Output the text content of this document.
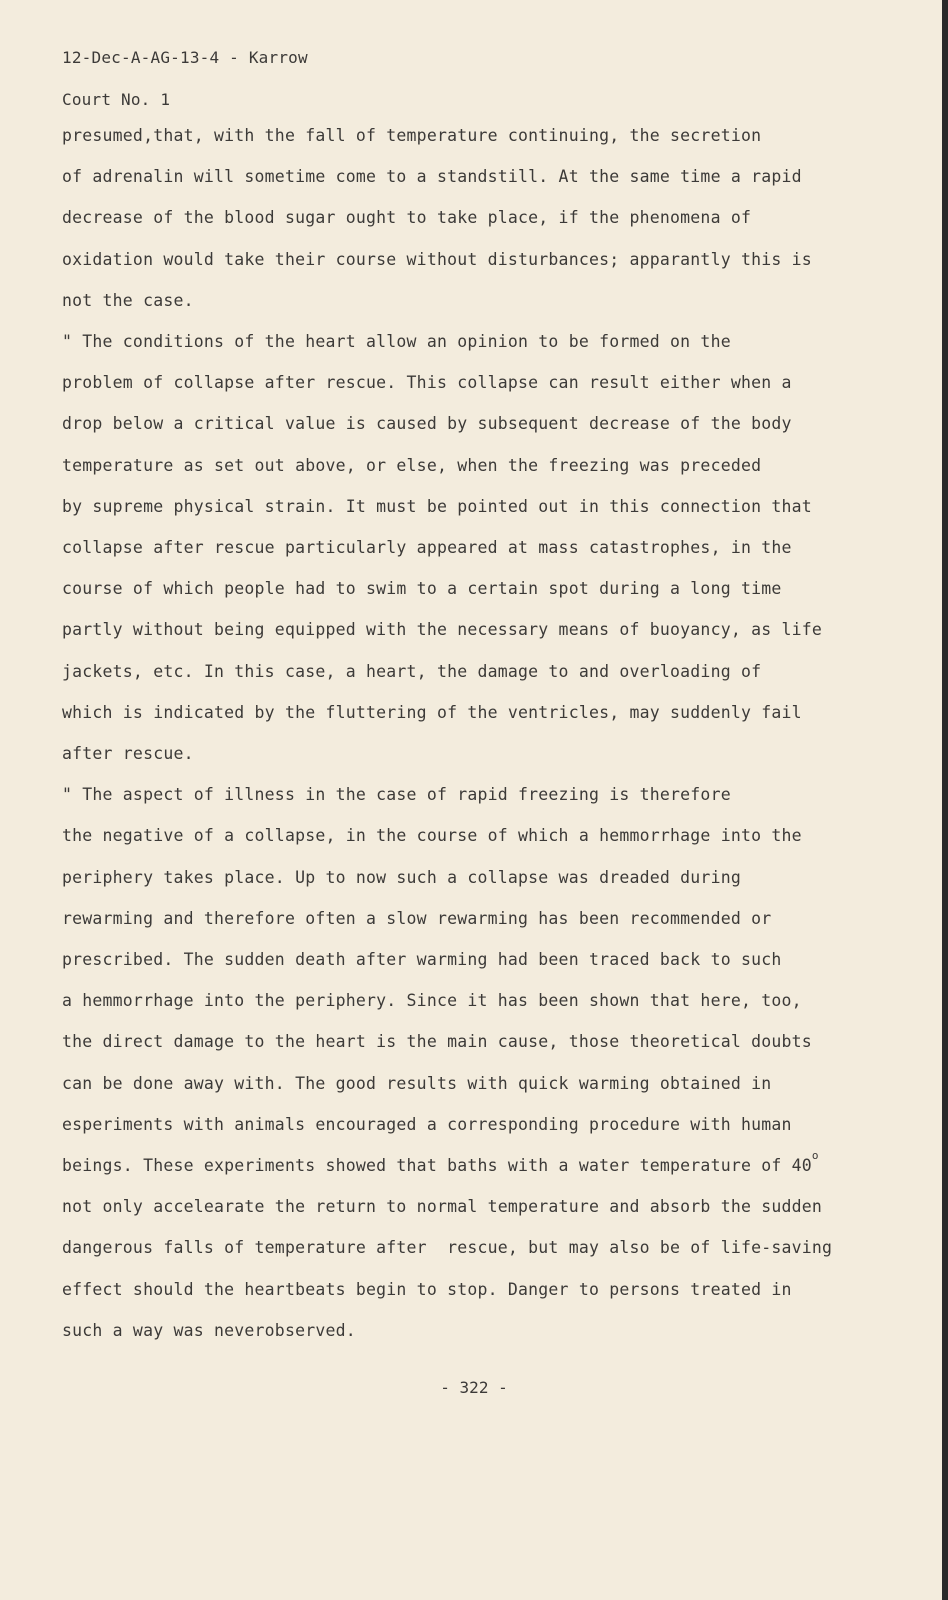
12-Dec-A-AG-13-4 - Karrow
Court No. 1
presumed,that, with the fall of temperature continuing, the secretion
of adrenalin will sometime come to a standstill. At the same time a rapid
decrease of the blood sugar ought to take place, if the phenomena of
oxidation would take their course without disturbances; apparantly this is
not the case.
" The conditions of the heart allow an opinion to be formed on the
problem of collapse after rescue. This collapse can result either when a
drop below a critical value is caused by subsequent decrease of the body
temperature as set out above, or else, when the freezing was preceded
by supreme physical strain. It must be pointed out in this connection that
collapse after rescue particularly appeared at mass catastrophes, in the
course of which people had to swim to a certain spot during a long time
partly without being equipped with the necessary means of buoyancy, as life
jackets, etc. In this case, a heart, the damage to and overloading of
which is indicated by the fluttering of the ventricles, may suddenly fail
after rescue.
" The aspect of illness in the case of rapid freezing is therefore
the negative of a collapse, in the course of which a hemmorrhage into the
periphery takes place. Up to now such a collapse was dreaded during
rewarming and therefore often a slow rewarming has been recommended or
prescribed. The sudden death after warming had been traced back to such
a hemmorrhage into the periphery. Since it has been shown that here, too,
the direct damage to the heart is the main cause, those theoretical doubts
can be done away with. The good results with quick warming obtained in
esperiments with animals encouraged a corresponding procedure with human
beings. These experiments showed that baths with a water temperature of 40$^o$
not only accelearate the return to normal temperature and absorb the sudden
dangerous falls of temperature after  rescue, but may also be of life-saving
effect should the heartbeats begin to stop. Danger to persons treated in
such a way was neverobserved.
- 322 -
